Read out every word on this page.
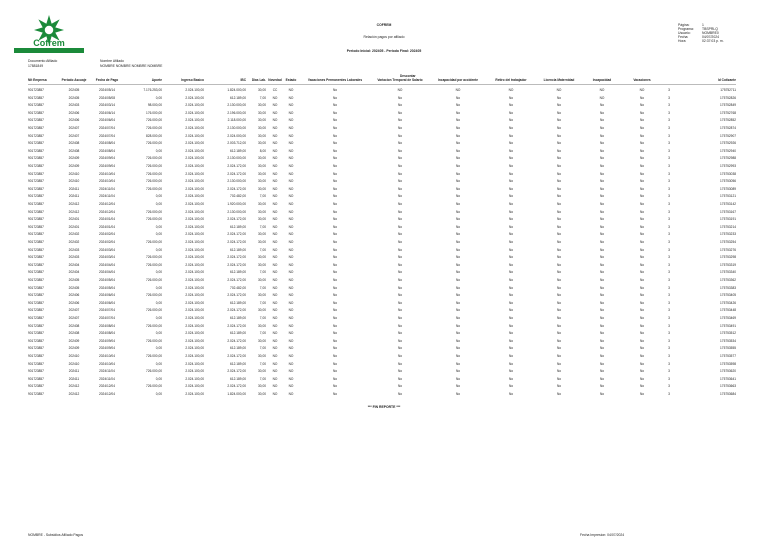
Cofrem
COFREM
Relación pagos por afiliado
Periodo Inicial: 202405 - Periodo Final: 202405
Página:	1
Programa: TBSPRLQ
Usuario:	NOMBRE0
Fecha:	04/07/2024
Hora:	02:37:03 p. m.
Documento Afiliado
17881849
Nombre Afiliado
NOMBRE NOMBRE NOMBRE NOMBRE
Descontar
Nit Empresa	Periodo Ascuaje	Fecha de Pago	Aporte	Ingreso Basico	IBC	Dias Lab. Novedad	Estado	Vacaciones Permanentes Laborales	Variacion Temporal de Salario	Incapacidad por accidente	Retiro del trabajador	Licencia Maternidad	Incapacidad	Vacaciones	Id Cotizante
901723857	202405	2024/05/14	7.176.253,00	2.024.100,00	1.824.000,00	30,00	CC	NO	No	NO	NO	NO	NO	NO	NO	3	175752711
901723857	202405	2024/05/08	0,00	2.024.100,00	612.189,00	7,00	NO	NO	No	No	No	No	No	NO	No	3	175752826
901723857	202403	2024/03/14	98.000,00	2.024.100,00	2.130.000,00	30,00	NO	NO	No	No	No	No	No	No	No	3	175752849
901723857	202406	2024/06/14	176.000,00	2.024.100,00	2.196.000,00	30,00	NO	NO	No	No	No	No	No	No	No	3	175752768
901723857	202406	2024/06/04	726.000,00	2.024.100,00	2.118.000,00	30,00	NO	NO	No	No	No	No	No	No	No	3	175752852
901723857	202407	2024/07/04	726.000,00	2.024.100,00	2.130.000,00	30,00	NO	NO	No	No	No	No	No	No	No	3	175752874
901723857	202407	2024/07/04	828.000,00	2.024.100,00	2.024.000,00	30,00	NO	NO	No	No	No	No	No	No	No	3	175752907
901723857	202408	2024/08/04	726.000,00	2.024.100,00	2.003.712,00	30,00	NO	NO	No	No	No	No	No	No	No	3	175752926
901723857	202408	2024/08/04	0,00	2.024.100,00	612.189,00	8,00	NO	NO	No	No	No	No	No	No	No	3	175752940
901723857	202409	2024/09/04	726.000,00	2.024.100,00	2.130.000,00	30,00	NO	NO	No	No	No	No	No	No	No	3	175752988
901723857	202409	2024/09/04	726.000,00	2.024.100,00	2.024.172,00	30,00	NO	NO	No	No	No	No	No	No	No	3	175752993
901723857	202410	2024/10/04	726.000,00	2.024.100,00	2.024.172,00	30,00	NO	NO	No	No	No	No	No	No	No	3	175753038
901723857	202410	2024/10/04	726.000,00	2.024.100,00	2.130.000,00	30,00	NO	NO	No	No	No	No	No	No	No	3	175753056
901723857	202411	2024/11/04	726.000,00	2.024.100,00	2.024.172,00	30,00	NO	NO	No	No	No	No	No	No	No	3	175753089
901723857	202411	2024/11/04	0,00	2.024.100,00	702.482,00	7,00	NO	NO	No	No	No	No	No	No	No	3	175753121
901723857	202412	2024/12/04	0,00	2.024.100,00	1.920.000,00	30,00	NO	NO	No	No	No	No	No	No	No	3	175753142
901723857	202412	2024/12/04	726.000,00	2.024.100,00	2.130.000,00	30,00	NO	NO	No	No	No	No	No	No	No	3	175753167
901723857	202401	2024/01/04	726.000,00	2.024.100,00	2.024.172,00	30,00	NO	NO	No	No	No	No	No	No	No	3	175753191
901723857	202401	2024/01/04	0,00	2.024.100,00	612.189,00	7,00	NO	NO	No	No	No	No	No	No	No	3	175753214
901723857	202402	2024/02/04	0,00	2.024.100,00	2.024.172,00	30,00	NO	NO	No	No	No	No	No	No	No	3	175753233
901723857	202402	2024/02/04	726.000,00	2.024.100,00	2.024.172,00	30,00	NO	NO	No	No	No	No	No	No	No	3	175753254
901723857	202403	2024/03/04	0,00	2.024.100,00	612.189,00	7,00	NO	NO	No	No	No	No	No	No	No	3	175753276
901723857	202403	2024/03/04	726.000,00	2.024.100,00	2.024.172,00	30,00	NO	NO	No	No	No	No	No	No	No	3	175753298
901723857	202404	2024/04/04	726.000,00	2.024.100,00	2.024.172,00	30,00	NO	NO	No	No	No	No	No	No	No	3	175753319
901723857	202404	2024/04/04	0,00	2.024.100,00	612.189,00	7,00	NO	NO	No	No	No	No	No	No	No	3	175753340
901723857	202405	2024/05/04	726.000,00	2.024.100,00	2.024.172,00	30,00	NO	NO	No	No	No	No	No	No	No	3	175753362
901723857	202405	2024/05/04	0,00	2.024.100,00	702.482,00	7,00	NO	NO	No	No	No	No	No	No	No	3	175753383
901723857	202406	2024/06/04	726.000,00	2.024.100,00	2.024.172,00	30,00	NO	NO	No	No	No	No	No	No	No	3	175753405
901723857	202406	2024/06/04	0,00	2.024.100,00	612.189,00	7,00	NO	NO	No	No	No	No	No	No	No	3	175753426
901723857	202407	2024/07/04	726.000,00	2.024.100,00	2.024.172,00	30,00	NO	NO	No	No	No	No	No	No	No	3	175753448
901723857	202407	2024/07/04	0,00	2.024.100,00	612.189,00	7,00	NO	NO	No	No	No	No	No	No	No	3	175753469
901723857	202408	2024/08/04	726.000,00	2.024.100,00	2.024.172,00	30,00	NO	NO	No	No	No	No	No	No	No	3	175753491
901723857	202408	2024/08/04	0,00	2.024.100,00	612.189,00	7,00	NO	NO	No	No	No	No	No	No	No	3	175753512
901723857	202409	2024/09/04	726.000,00	2.024.100,00	2.024.172,00	30,00	NO	NO	No	No	No	No	No	No	No	3	175753534
901723857	202409	2024/09/04	0,00	2.024.100,00	612.189,00	7,00	NO	NO	No	No	No	No	No	No	No	3	175753555
901723857	202410	2024/10/04	726.000,00	2.024.100,00	2.024.172,00	30,00	NO	NO	No	No	No	No	No	No	No	3	175753577
901723857	202410	2024/10/04	0,00	2.024.100,00	612.189,00	7,00	NO	NO	No	No	No	No	No	No	No	3	175753598
901723857	202411	2024/11/04	726.000,00	2.024.100,00	2.024.172,00	30,00	NO	NO	No	No	No	No	No	No	No	3	175753620
901723857	202411	2024/11/04	0,00	2.024.100,00	612.189,00	7,00	NO	NO	No	No	No	No	No	No	No	3	175753641
901723857	202412	2024/12/04	726.000,00	2.024.100,00	2.024.172,00	30,00	NO	NO	No	No	No	No	No	No	No	3	175753663
901723857	202412	2024/12/04	0,00	2.024.100,00	1.824.000,00	30,00	NO	NO	No	No	No	No	No	No	No	3	175753684
*** FIN REPORTE ***
NOMBRE - Subsidios Afiliado Pagos	Fecha Impresion: 04/07/2024
